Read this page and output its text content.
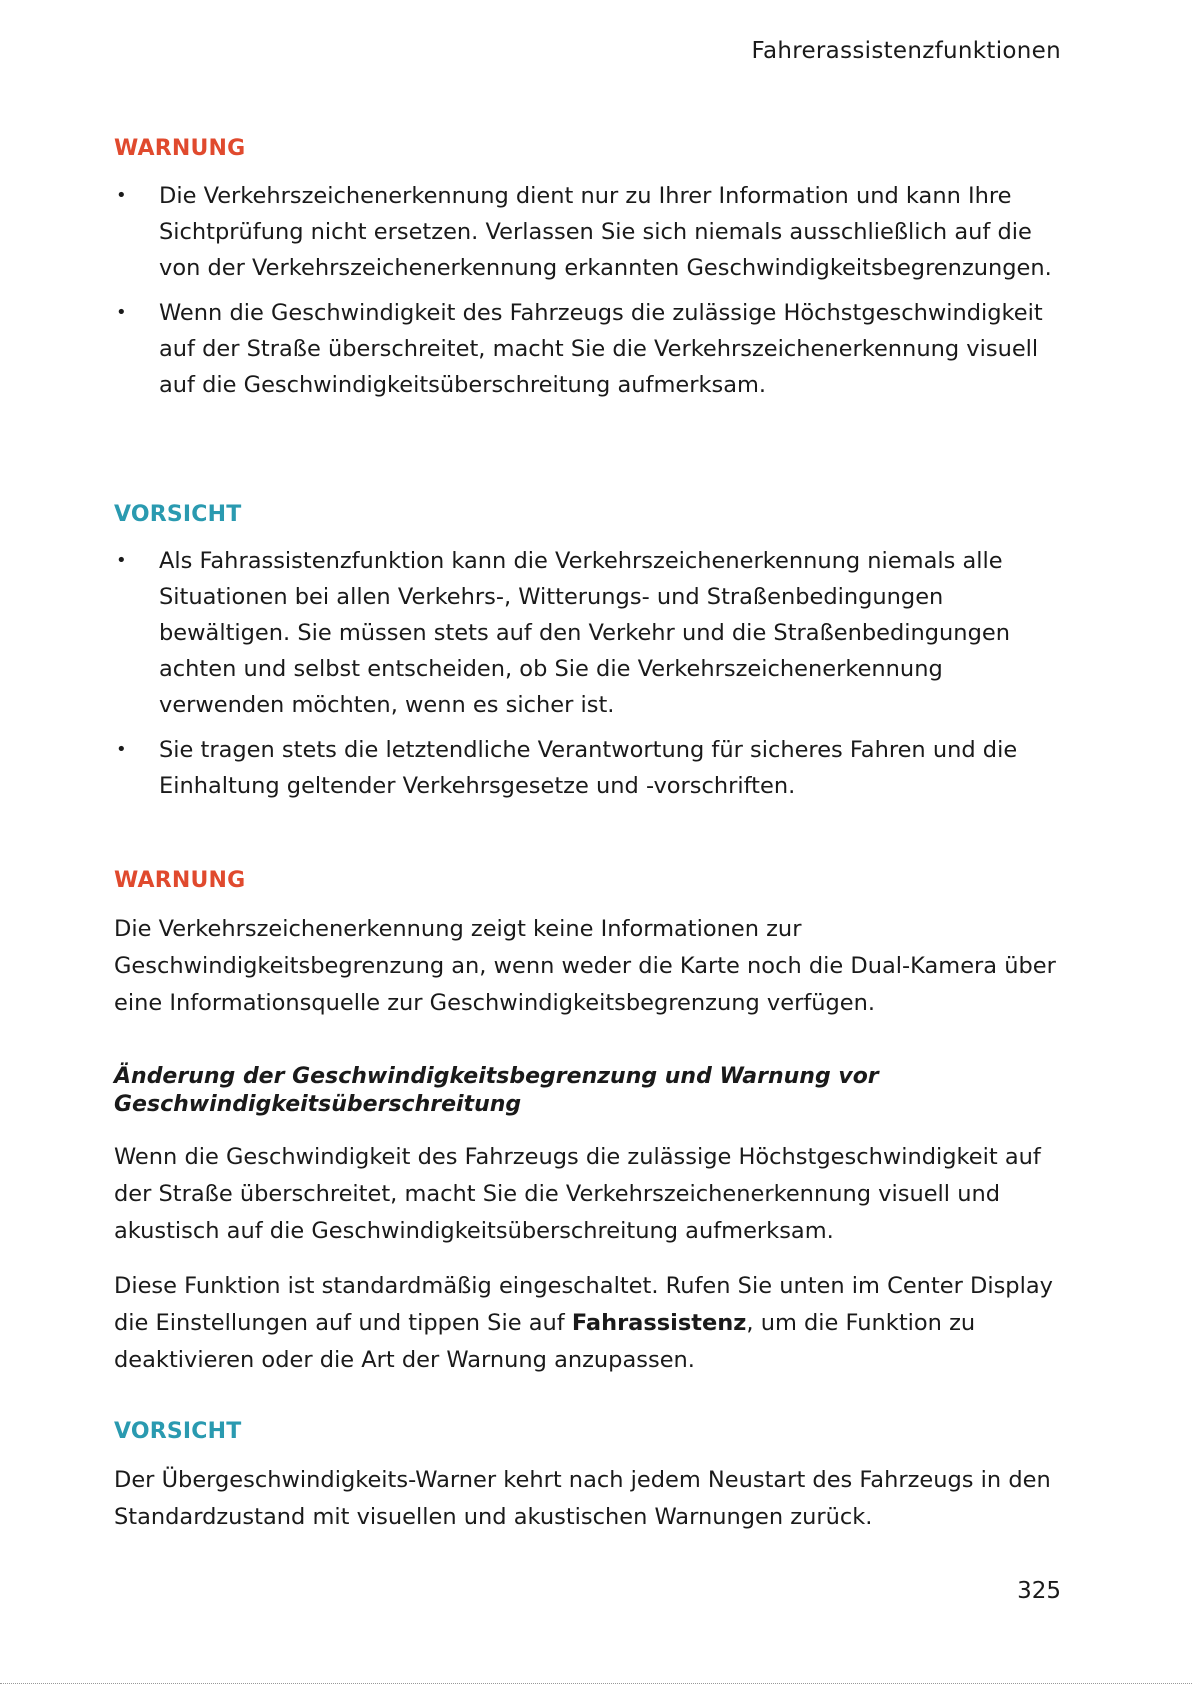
Fahrerassistenzfunktionen
WARNUNG
• Die Verkehrszeichenerkennung dient nur zu Ihrer Information und kann Ihre Sichtprüfung nicht ersetzen. Verlassen Sie sich niemals ausschließlich auf die von der Verkehrszeichenerkennung erkannten Geschwindigkeitsbegrenzungen.
• Wenn die Geschwindigkeit des Fahrzeugs die zulässige Höchstgeschwindigkeit auf der Straße überschreitet, macht Sie die Verkehrszeichenerkennung visuell auf die Geschwindigkeitsüberschreitung aufmerksam.
VORSICHT
• Als Fahrassistenzfunktion kann die Verkehrszeichenerkennung niemals alle Situationen bei allen Verkehrs-, Witterungs- und Straßenbedingungen bewältigen. Sie müssen stets auf den Verkehr und die Straßenbedingungen achten und selbst entscheiden, ob Sie die Verkehrszeichenerkennung verwenden möchten, wenn es sicher ist.
• Sie tragen stets die letztendliche Verantwortung für sicheres Fahren und die Einhaltung geltender Verkehrsgesetze und -vorschriften.
WARNUNG

Die Verkehrszeichenerkennung zeigt keine Informationen zur Geschwindigkeitsbegrenzung an, wenn weder die Karte noch die Dual-Kamera über eine Informationsquelle zur Geschwindigkeitsbegrenzung verfügen.

Änderung der Geschwindigkeitsbegrenzung und Warnung vor Geschwindigkeitsüberschreitung

Wenn die Geschwindigkeit des Fahrzeugs die zulässige Höchstgeschwindigkeit auf der Straße überschreitet, macht Sie die Verkehrszeichenerkennung visuell und akustisch auf die Geschwindigkeitsüberschreitung aufmerksam.

Diese Funktion ist standardmäßig eingeschaltet. Rufen Sie unten im Center Display die Einstellungen auf und tippen Sie auf Fahrassistenz, um die Funktion zu deaktivieren oder die Art der Warnung anzupassen.

VORSICHT

Der Übergeschwindigkeits-Warner kehrt nach jedem Neustart des Fahrzeugs in den Standardzustand mit visuellen und akustischen Warnungen zurück.

325
